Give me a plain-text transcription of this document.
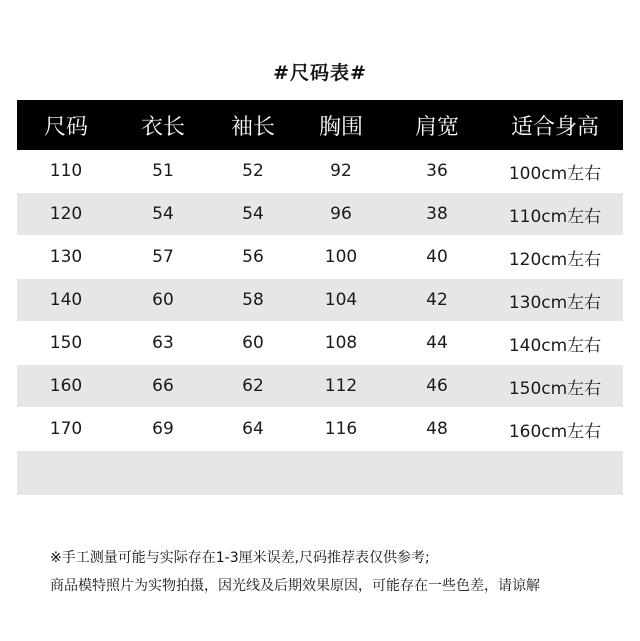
#尺码表#
尺码	衣长	袖长	胸围	肩宽	适合身高
110	51	52	92	36	100cm左右
120	54	54	96	38	110cm左右
130	57	56	100	40	120cm左右
140	60	58	104	42	130cm左右
150	63	60	108	44	140cm左右
160	66	62	112	46	150cm左右
170	69	64	116	48	160cm左右
※手工测量可能与实际存在1-3厘米误差,尺码推荐表仅供参考;
商品模特照片为实物拍摄，因光线及后期效果原因，可能存在一些色差，请谅解
